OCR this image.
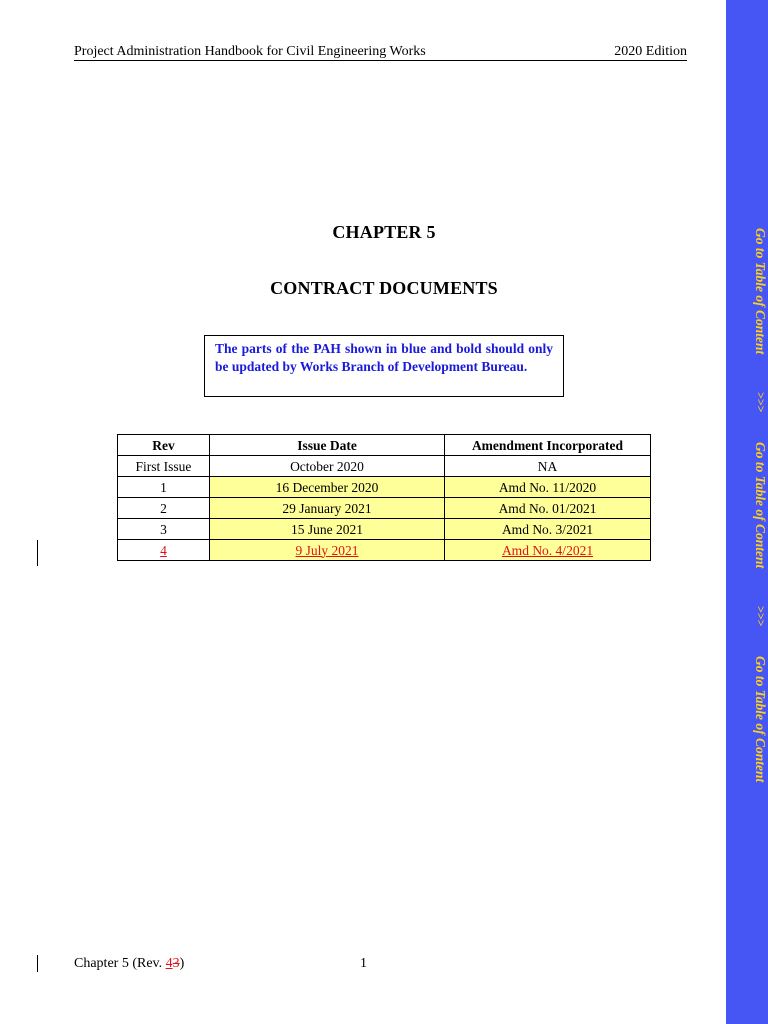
Project Administration Handbook for Civil Engineering Works	2020 Edition
CHAPTER 5
CONTRACT DOCUMENTS
The parts of the PAH shown in blue and bold should only be updated by Works Branch of Development Bureau.
Rev	Issue Date	Amendment Incorporated
First Issue	October 2020	NA
1	16 December 2020	Amd No. 11/2020
2	29 January 2021	Amd No. 01/2021
3	15 June 2021	Amd No. 3/2021
4	9 July 2021	Amd No. 4/2021
Chapter 5 (Rev. 43)	1
Go to Table of Content
>>>
Go to Table of Content
>>>
Go to Table of Content
